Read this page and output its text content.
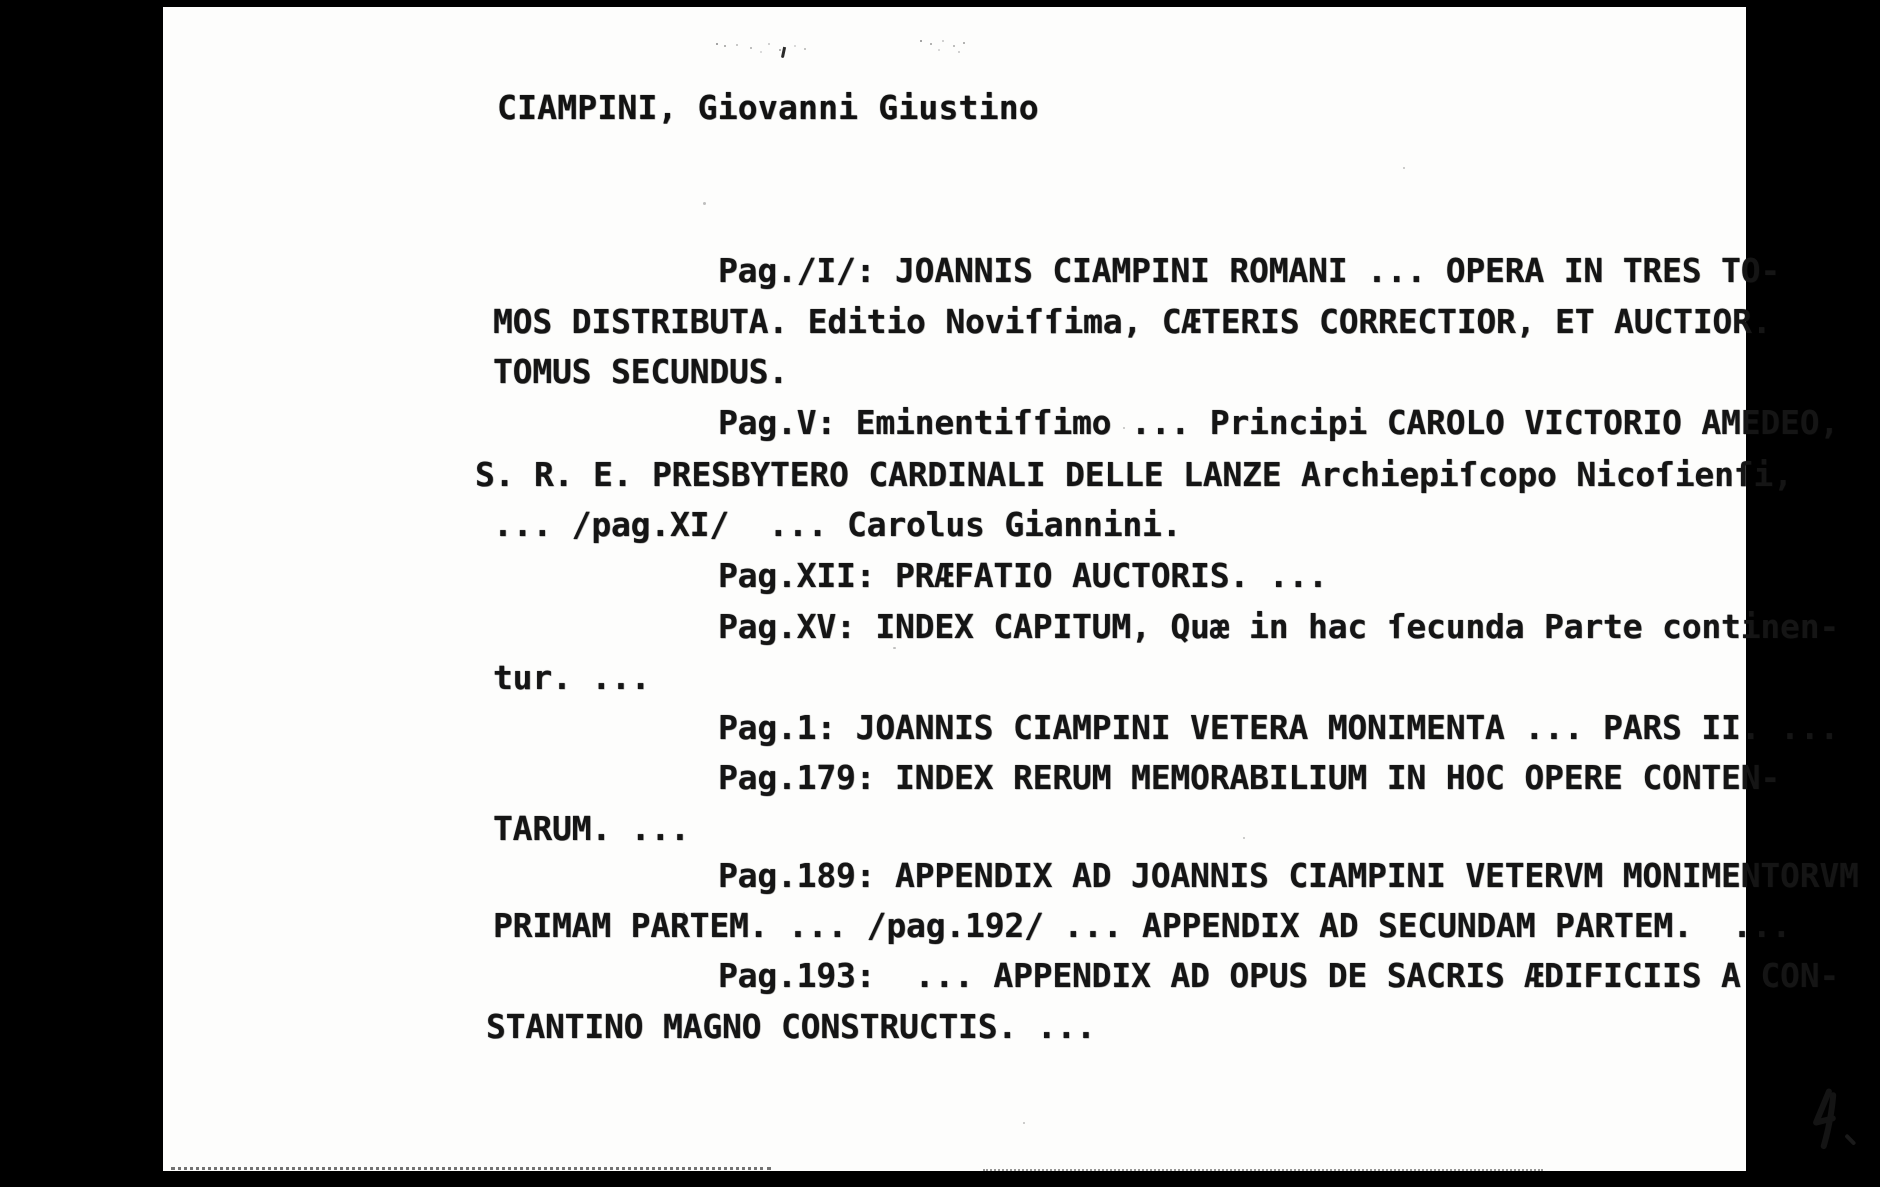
CIAMPINI, Giovanni Giustino
Pag./I/: JOANNIS CIAMPINI ROMANI ... OPERA IN TRES TO-
MOS DISTRIBUTA. Editio Noviſſima, CÆTERIS CORRECTIOR, ET AUCTIOR.
TOMUS SECUNDUS.
Pag.V: Eminentiſſimo ... Principi CAROLO VICTORIO AMEDEO,
S. R. E. PRESBYTERO CARDINALI DELLE LANZE Archiepiſcopo Nicoſienſi,
... /pag.XI/  ... Carolus Giannini.
Pag.XII: PRÆFATIO AUCTORIS. ...
Pag.XV: INDEX CAPITUM, Quæ in hac ſecunda Parte continen-
tur. ...
Pag.1: JOANNIS CIAMPINI VETERA MONIMENTA ... PARS II. ...
Pag.179: INDEX RERUM MEMORABILIUM IN HOC OPERE CONTEN-
TARUM. ...
Pag.189: APPENDIX AD JOANNIS CIAMPINI VETERVM MONIMENTORVM
PRIMAM PARTEM. ... /pag.192/ ... APPENDIX AD SECUNDAM PARTEM.  ...
Pag.193:  ... APPENDIX AD OPUS DE SACRIS ÆDIFICIIS A CON-
STANTINO MAGNO CONSTRUCTIS. ...
